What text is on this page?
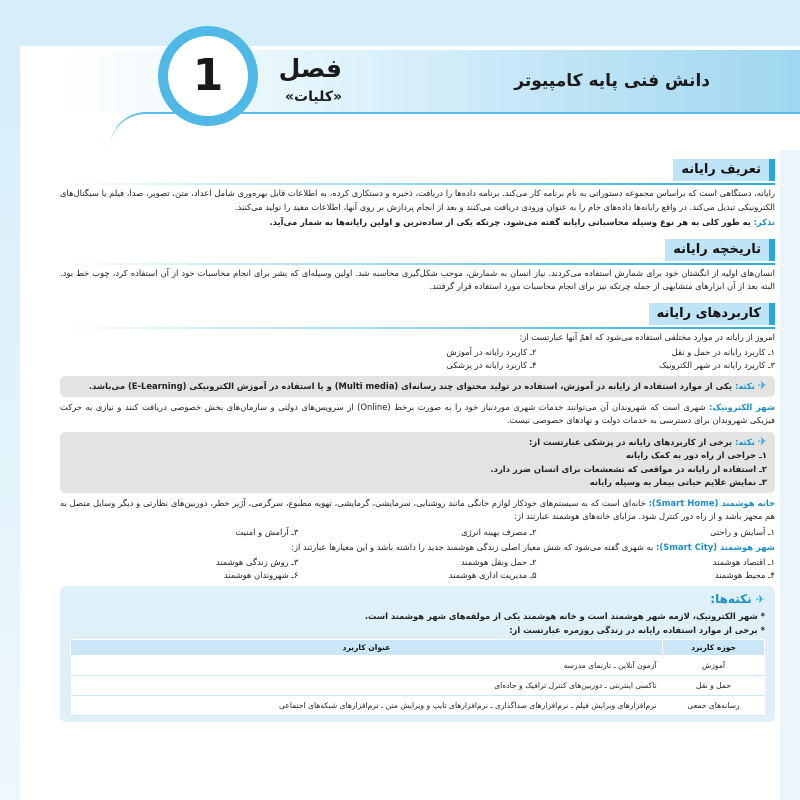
1	فصل
«کلیات»
دانش فنی پایه کامپیوتر
تعریف رایانه

رایانه، دستگاهی است که براساس مجموعه دستوراتی به نام برنامه کار می‌کند. برنامه داده‌ها را دریافت، ذخیره و دستکاری کرده، به اطلاعات قابل بهره‌وری شامل اعداد، متن، تصویر، صدا، فیلم یا سیگنال‌های الکترونیکی تبدیل می‌کند. در واقع رایانه‌ها داده‌های خام را به عنوان ورودی دریافت می‌کنند و بعد از انجام پردازش بر روی آنها، اطلاعات مفید را تولید می‌کنند.

تذکر: به طور کلی به هر نوع وسیله محاسباتی رایانه گفته می‌شود. چرتکه یکی از ساده‌ترین و اولین رایانه‌ها به شمار می‌آید.

تاریخچه رایانه

انسان‌های اولیه از انگشتان خود برای شمارش استفاده می‌کردند. نیاز انسان به شمارش، موجب شکل‌گیری محاسبه شد. اولین وسیله‌ای که بشر برای انجام محاسبات خود از آن استفاده کرد، چوب خط بود. البته بعد از آن ابزارهای متشابهی از جمله چرتکه نیز برای انجام محاسبات مورد استفاده قرار گرفتند.

کاربردهای رایانه

امروز از رایانه در موارد مختلفی استفاده می‌شود که اهمّ آنها عبارتست از:

۱ـ کاربرد رایانه در حمل و نقل
۲ـ کاربرد رایانه در آموزش
۳ـ کاربرد رایانه در شهر الکترونیک
۴ـ کاربرد رایانه در پزشکی

✈ نکته: یکی از موارد استفاده از رایانه در آموزش، استفاده در تولید محتوای چند رسانه‌ای (Multi media) و یا استفاده در آموزش الکترونیکی (E-Learning) می‌باشد.

شهر الکترونیک: شهری است که شهروندان آن می‌توانند خدمات شهری موردنیاز خود را به صورت برخط (Online) از سرویس‌های دولتی و سازمان‌های بخش خصوصی دریافت کنند و نیازی به حرکت فیزیکی شهروندان برای دسترسی به خدمات دولت و نهادهای خصوصی نیست.

✈ نکته: برخی از کاربردهای رایانه در پزشکی عبارتست از:

۱ـ جراحی از راه دور به کمک رایانه

۲ـ استفاده از رایانه در مواقعی که تشعشعات برای انسان ضرر دارد.

۳ـ نمایش علایم حیاتی بیمار به وسیله رایانه

خانه هوشمند (Smart Home): خانه‌ای است که به سیستم‌های خودکار لوازم خانگی مانند روشنایی، سرمایشی، گرمایشی، تهویه مطبوع، سرگرمی، آژیر خطر، دوربین‌های نظارتی و دیگر وسایل متصل به هم مجهز باشد و از راه دور کنترل شود. مزایای خانه‌های هوشمند عبارتند از:

۱ـ آسایش و راحتی
۲ـ مصرف بهینه انرژی
۳ـ آرامش و امنیت

شهر هوشمند (Smart City): به شهری گفته می‌شود که شش معیار اصلی زندگی هوشمند جدید را داشته باشد و این معیارها عبارتند از:

۱ـ اقتصاد هوشمند
۲ـ حمل ونقل هوشمند
۳ـ روش زندگی هوشمند
۴ـ محیط هوشمند
۵ـ مدیریت اداری هوشمند
۶ـ شهروندان هوشمند
✈ نکته‌ها:

* شهر الکترونیک، لازمه شهر هوشمند است و خانه هوشمند یکی از مولفه‌های شهر هوشمند است.

* برخی از موارد استفاده رایانه در زندگی روزمره عبارتست از:

حوزه کاربرد	عنوان کاربرد
آموزش	آزمون آنلاین ـ تارنمای مدرسه
حمل و نقل	تاکسی اینترنتی ـ دوربین‌های کنترل ترافیک و جاده‌ای
رسانه‌های جمعی	نرم‌افزارهای ویرایش فیلم ـ نرم‌افزارهای صداگذاری ـ نرم‌افزارهای تایپ و ویرایش متن ـ نرم‌افزارهای شبکه‌های اجتماعی
